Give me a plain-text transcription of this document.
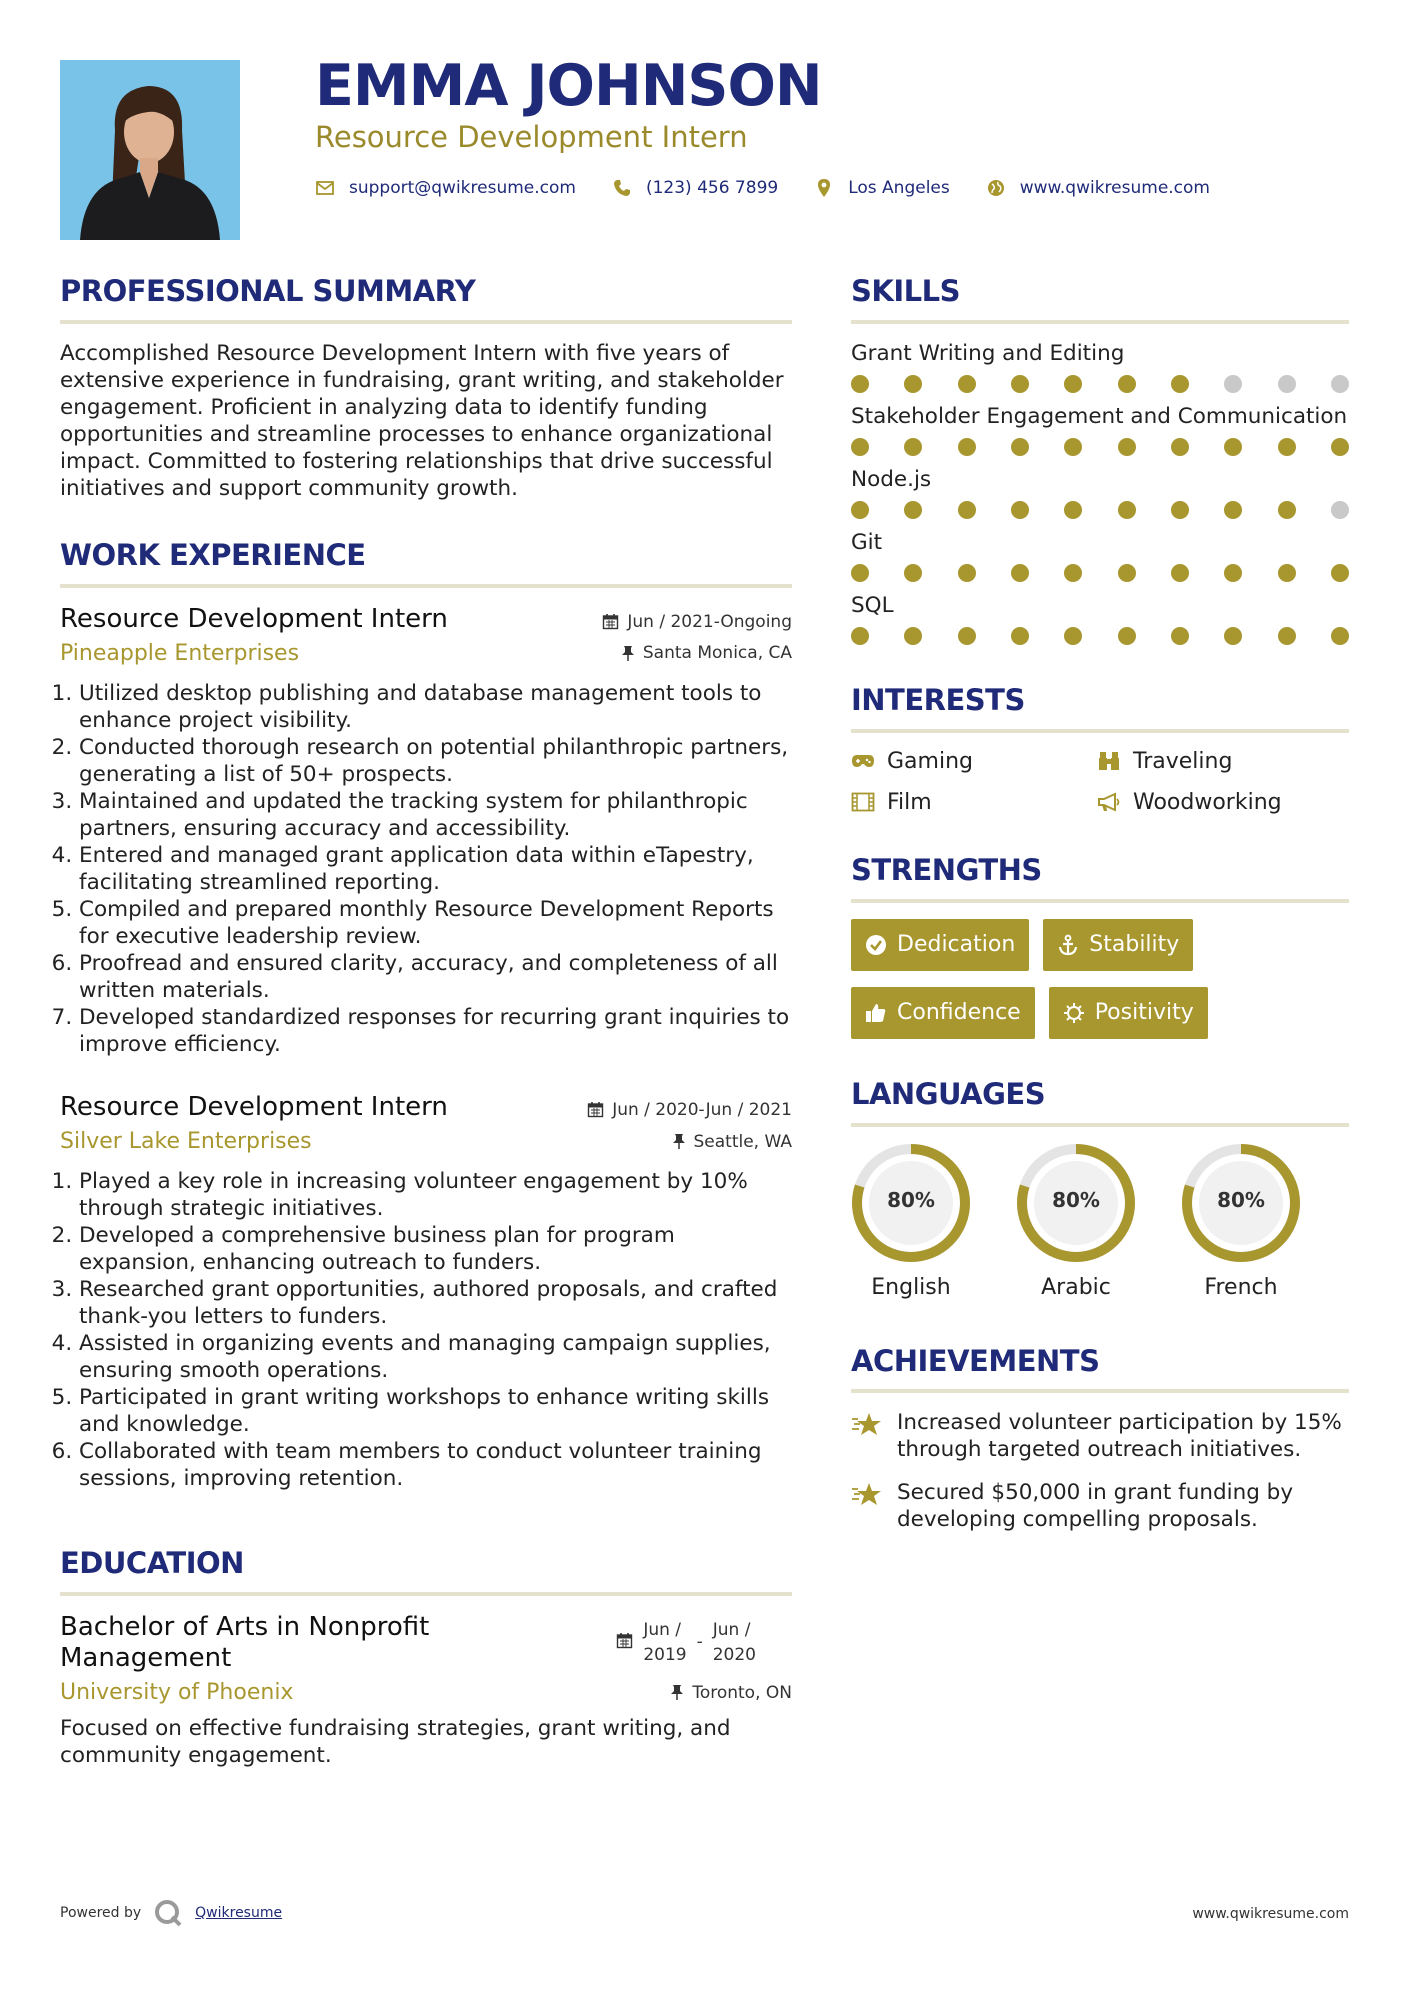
EMMA JOHNSON
Resource Development Intern
support@qwikresume.com	(123) 456 7899	Los Angeles	www.qwikresume.com
PROFESSIONAL SUMMARY

Accomplished Resource Development Intern with five years of extensive experience in fundraising, grant writing, and stakeholder engagement. Proficient in analyzing data to identify funding opportunities and streamline processes to enhance organizational impact. Committed to fostering relationships that drive successful initiatives and support community growth.

WORK EXPERIENCE
Resource Development Intern	Jun / 2021-Ongoing
Pineapple Enterprises	Santa Monica, CA
1. Utilized desktop publishing and database management tools to enhance project visibility.
2. Conducted thorough research on potential philanthropic partners, generating a list of 50+ prospects.
3. Maintained and updated the tracking system for philanthropic partners, ensuring accuracy and accessibility.
4. Entered and managed grant application data within eTapestry, facilitating streamlined reporting.
5. Compiled and prepared monthly Resource Development Reports for executive leadership review.
6. Proofread and ensured clarity, accuracy, and completeness of all written materials.
7. Developed standardized responses for recurring grant inquiries to improve efficiency.
Resource Development Intern	Jun / 2020-Jun / 2021
Silver Lake Enterprises	Seattle, WA
1. Played a key role in increasing volunteer engagement by 10% through strategic initiatives.
2. Developed a comprehensive business plan for program expansion, enhancing outreach to funders.
3. Researched grant opportunities, authored proposals, and crafted thank-you letters to funders.
4. Assisted in organizing events and managing campaign supplies, ensuring smooth operations.
5. Participated in grant writing workshops to enhance writing skills and knowledge.
6. Collaborated with team members to conduct volunteer training sessions, improving retention.
EDUCATION
Bachelor of Arts in Nonprofit Management
Jun /
2019
-
Jun /
2020
University of Phoenix	Toronto, ON
Focused on effective fundraising strategies, grant writing, and community engagement.
SKILLS
Grant Writing and Editing
Stakeholder Engagement and Communication
Node.js
Git
SQL
INTERESTS
Gaming	Traveling
Film	Woodworking
STRENGTHS
Dedication	Stability
Confidence	Positivity
LANGUAGES
80%
English
80%
Arabic
80%
French
ACHIEVEMENTS
Increased volunteer participation by 15% through targeted outreach initiatives.
Secured $50,000 in grant funding by developing compelling proposals.
Powered by	Qwikresume	www.qwikresume.com
